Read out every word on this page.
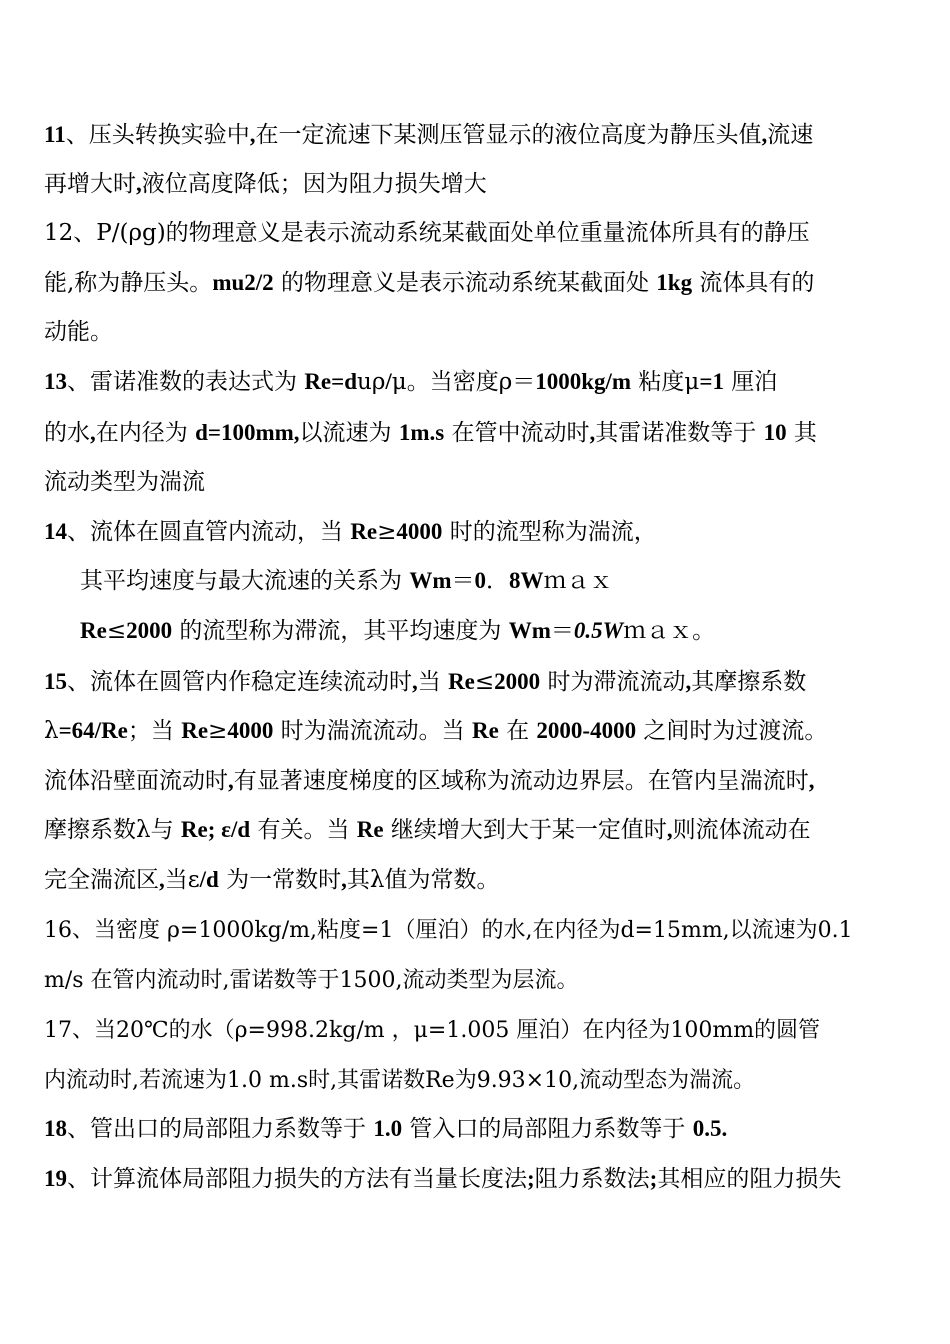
11、压头转换实验中,在一定流速下某测压管显示的液位高度为静压头值,流速
再增大时,液位高度降低；因为阻力损失增大
12、P/(ρg)的物理意义是表示流动系统某截面处单位重量流体所具有的静压
能,称为静压头。mu2/2 的物理意义是表示流动系统某截面处 1kg 流体具有的
动能。
13、雷诺准数的表达式为 Re=duρ/μ。当密度ρ＝1000kg/m 粘度μ=1 厘泊
的水,在内径为 d=100mm,以流速为 1m.s 在管中流动时,其雷诺准数等于 10 其
流动类型为湍流
14、流体在圆直管内流动，当 Re≥4000 时的流型称为湍流，
其平均速度与最大流速的关系为 Wm＝0．8Wｍａｘ
Re≤2000 的流型称为滞流，其平均速度为 Wm＝0.5Wｍａｘ。
15、流体在圆管内作稳定连续流动时,当 Re≤2000 时为滞流流动,其摩擦系数
λ=64/Re；当 Re≥4000 时为湍流流动。当 Re 在 2000-4000 之间时为过渡流。
流体沿壁面流动时,有显著速度梯度的区域称为流动边界层。在管内呈湍流时,
摩擦系数λ与 Re; ε/d 有关。当 Re 继续增大到大于某一定值时,则流体流动在
完全湍流区,当ε/d 为一常数时,其λ值为常数。
16、当密度 ρ=1000kg/m,粘度=1（厘泊）的水,在内径为d=15mm,以流速为0.1
m/s 在管内流动时,雷诺数等于1500,流动类型为层流。
17、当20℃的水（ρ=998.2kg/m ，μ=1.005 厘泊）在内径为100mm的圆管
内流动时,若流速为1.0 m.s时,其雷诺数Re为9.93×10,流动型态为湍流。
18、管出口的局部阻力系数等于 1.0 管入口的局部阻力系数等于 0.5.
19、计算流体局部阻力损失的方法有当量长度法;阻力系数法;其相应的阻力损失
